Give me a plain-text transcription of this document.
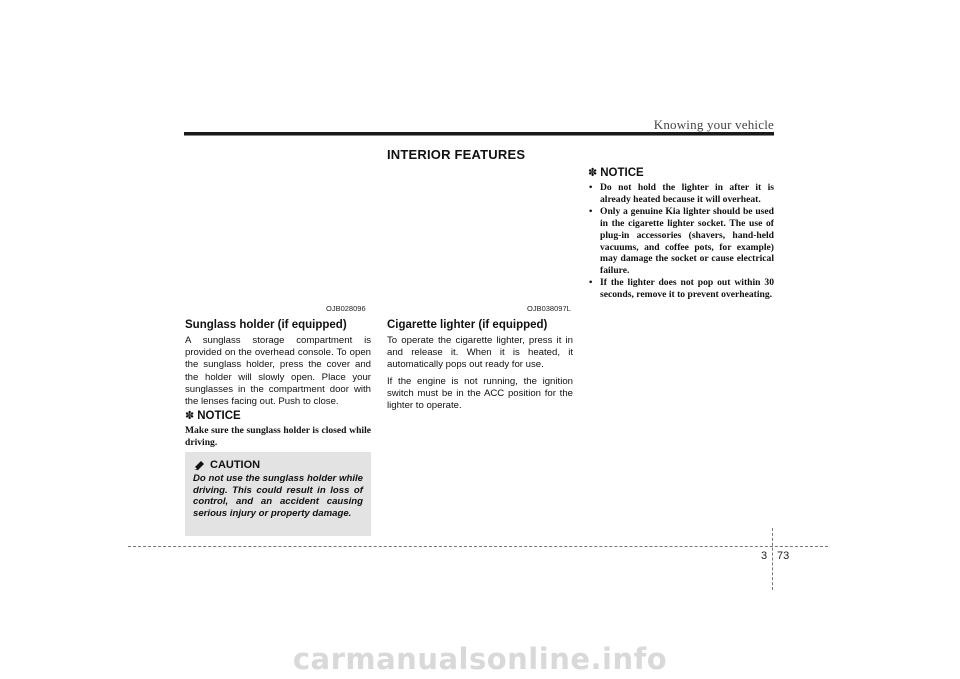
Knowing your vehicle
INTERIOR FEATURES
OJB028096
Sunglass holder (if equipped)

A sunglass storage compartment is provided on the overhead console. To open the sunglass holder, press the cover and the holder will slowly open. Place your sunglasses in the compartment door with the lenses facing out. Push to close.

✽ NOTICE

Make sure the sunglass holder is closed while driving.

CAUTION
Do not use the sunglass holder while driving. This could result in loss of control, and an accident causing serious injury or property damage.
OJB038097L
Cigarette lighter (if equipped)

To operate the cigarette lighter, press it in and release it. When it is heated, it automatically pops out ready for use.

If the engine is not running, the ignition switch must be in the ACC position for the lighter to operate.

✽ NOTICE
• Do not hold the lighter in after it is already heated because it will overheat.
• Only a genuine Kia lighter should be used in the cigarette lighter socket. The use of plug-in accessories (shavers, hand-held vacuums, and coffee pots, for example) may damage the socket or cause electrical failure.
• If the lighter does not pop out within 30 seconds, remove it to prevent overheating.
3 73
carmanualsonline.info
